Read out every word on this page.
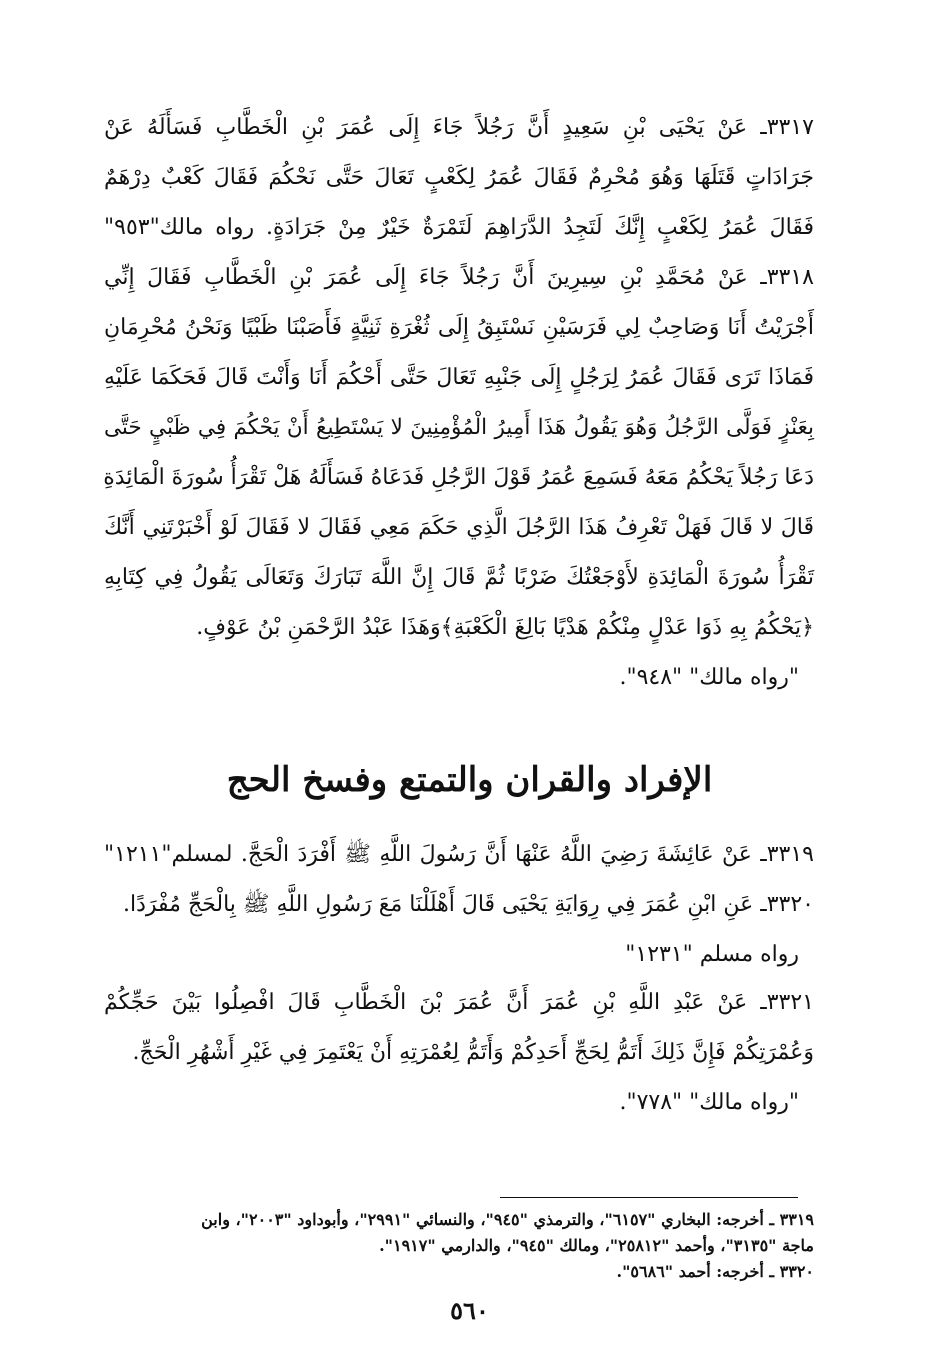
٣٣١٧ـ عَنْ يَحْيَى بْنِ سَعِيدٍ أَنَّ رَجُلاً جَاءَ إِلَى عُمَرَ بْنِ الْخَطَّابِ فَسَأَلَهُ عَنْ
جَرَادَاتٍ قَتَلَهَا وَهُوَ مُحْرِمٌ فَقَالَ عُمَرُ لِكَعْبٍ تَعَالَ حَتَّى نَحْكُمَ فَقَالَ كَعْبٌ دِرْهَمٌ
فَقَالَ عُمَرُ لِكَعْبٍ إِنَّكَ لَتَجِدُ الدَّرَاهِمَ لَتَمْرَةٌ خَيْرٌ مِنْ جَرَادَةٍ. رواه مالك"٩٥٣"
٣٣١٨ـ عَنْ مُحَمَّدِ بْنِ سِيرِينَ أَنَّ رَجُلاً جَاءَ إِلَى عُمَرَ بْنِ الْخَطَّابِ فَقَالَ إِنِّي
أَجْرَيْتُ أَنَا وَصَاحِبٌ لِي فَرَسَيْنِ نَسْتَبِقُ إِلَى ثُغْرَةِ ثَنِيَّةٍ فَأَصَبْنَا ظَبْيًا وَنَحْنُ مُحْرِمَانِ
فَمَاذَا تَرَى فَقَالَ عُمَرُ لِرَجُلٍ إِلَى جَنْبِهِ تَعَالَ حَتَّى أَحْكُمَ أَنَا وَأَنْتَ قَالَ فَحَكَمَا عَلَيْهِ
بِعَنْزٍ فَوَلَّى الرَّجُلُ وَهُوَ يَقُولُ هَذَا أَمِيرُ الْمُؤْمِنِينَ لا يَسْتَطِيعُ أَنْ يَحْكُمَ فِي ظَبْيٍ حَتَّى
دَعَا رَجُلاً يَحْكُمُ مَعَهُ فَسَمِعَ عُمَرُ قَوْلَ الرَّجُلِ فَدَعَاهُ فَسَأَلَهُ هَلْ تَقْرَأُ سُورَةَ الْمَائِدَةِ
قَالَ لا قَالَ فَهَلْ تَعْرِفُ هَذَا الرَّجُلَ الَّذِي حَكَمَ مَعِي فَقَالَ لا فَقَالَ لَوْ أَخْبَرْتَنِي أَنَّكَ
تَقْرَأُ سُورَةَ الْمَائِدَةِ لأَوْجَعْتُكَ ضَرْبًا ثُمَّ قَالَ إِنَّ اللَّهَ تَبَارَكَ وَتَعَالَى يَقُولُ فِي كِتَابِهِ
﴿يَحْكُمُ بِهِ ذَوَا عَدْلٍ مِنْكُمْ هَدْيًا بَالِغَ الْكَعْبَةِ﴾وَهَذَا عَبْدُ الرَّحْمَنِ بْنُ عَوْفٍ.
"رواه مالك" "٩٤٨".
الإفراد والقران والتمتع وفسخ الحج
٣٣١٩ـ عَنْ عَائِشَةَ رَضِيَ اللَّهُ عَنْهَا أَنَّ رَسُولَ اللَّهِ ﷺ أَفْرَدَ الْحَجَّ. لمسلم"١٢١١"
٣٣٢٠ـ عَنِ ابْنِ عُمَرَ فِي رِوَايَةِ يَحْيَى قَالَ أَهْلَلْنَا مَعَ رَسُولِ اللَّهِ ﷺ بِالْحَجِّ مُفْرَدًا.
رواه مسلم "١٢٣١"
٣٣٢١ـ عَنْ عَبْدِ اللَّهِ بْنِ عُمَرَ أَنَّ عُمَرَ بْنَ الْخَطَّابِ قَالَ افْصِلُوا بَيْنَ حَجِّكُمْ
وَعُمْرَتِكُمْ فَإِنَّ ذَلِكَ أَتَمُّ لِحَجِّ أَحَدِكُمْ وَأَتَمُّ لِعُمْرَتِهِ أَنْ يَعْتَمِرَ فِي غَيْرِ أَشْهُرِ الْحَجِّ.
"رواه مالك" "٧٧٨".
٣٣١٩ ـ أخرجه: البخاري "٦١٥٧"، والترمذي "٩٤٥"، والنسائي "٢٩٩١"، وأبوداود "٢٠٠٣"، وابن
ماجة "٣١٣٥"، وأحمد "٢٥٨١٢"، ومالك "٩٤٥"، والدارمي "١٩١٧".
٣٣٢٠ ـ أخرجه: أحمد "٥٦٨٦".
٥٦٠
